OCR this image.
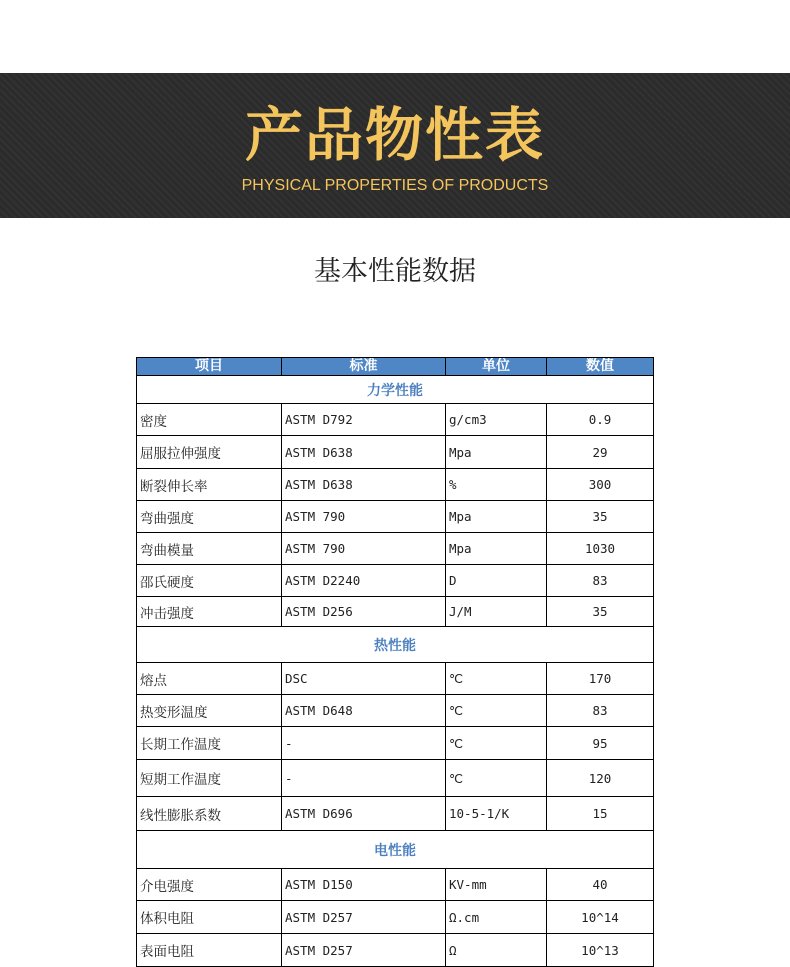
产品物性表
PHYSICAL PROPERTIES OF PRODUCTS
基本性能数据
项目	标准	单位	数值
力学性能			
密度	ASTM D792	g/cm3	0.9
屈服拉伸强度	ASTM D638	Mpa	29
断裂伸长率	ASTM D638	%	300
弯曲强度	ASTM 790	Mpa	35
弯曲模量	ASTM 790	Mpa	1030
邵氏硬度	ASTM D2240	D	83
冲击强度	ASTM D256	J/M	35
热性能			
熔点	DSC	℃	170
热变形温度	ASTM D648	℃	83
长期工作温度	-	℃	95
短期工作温度	-	℃	120
线性膨胀系数	ASTM D696	10-5-1/K	15
电性能			
介电强度	ASTM D150	KV-mm	40
体积电阻	ASTM D257	Ω.cm	10^14
表面电阻	ASTM D257	Ω	10^13
